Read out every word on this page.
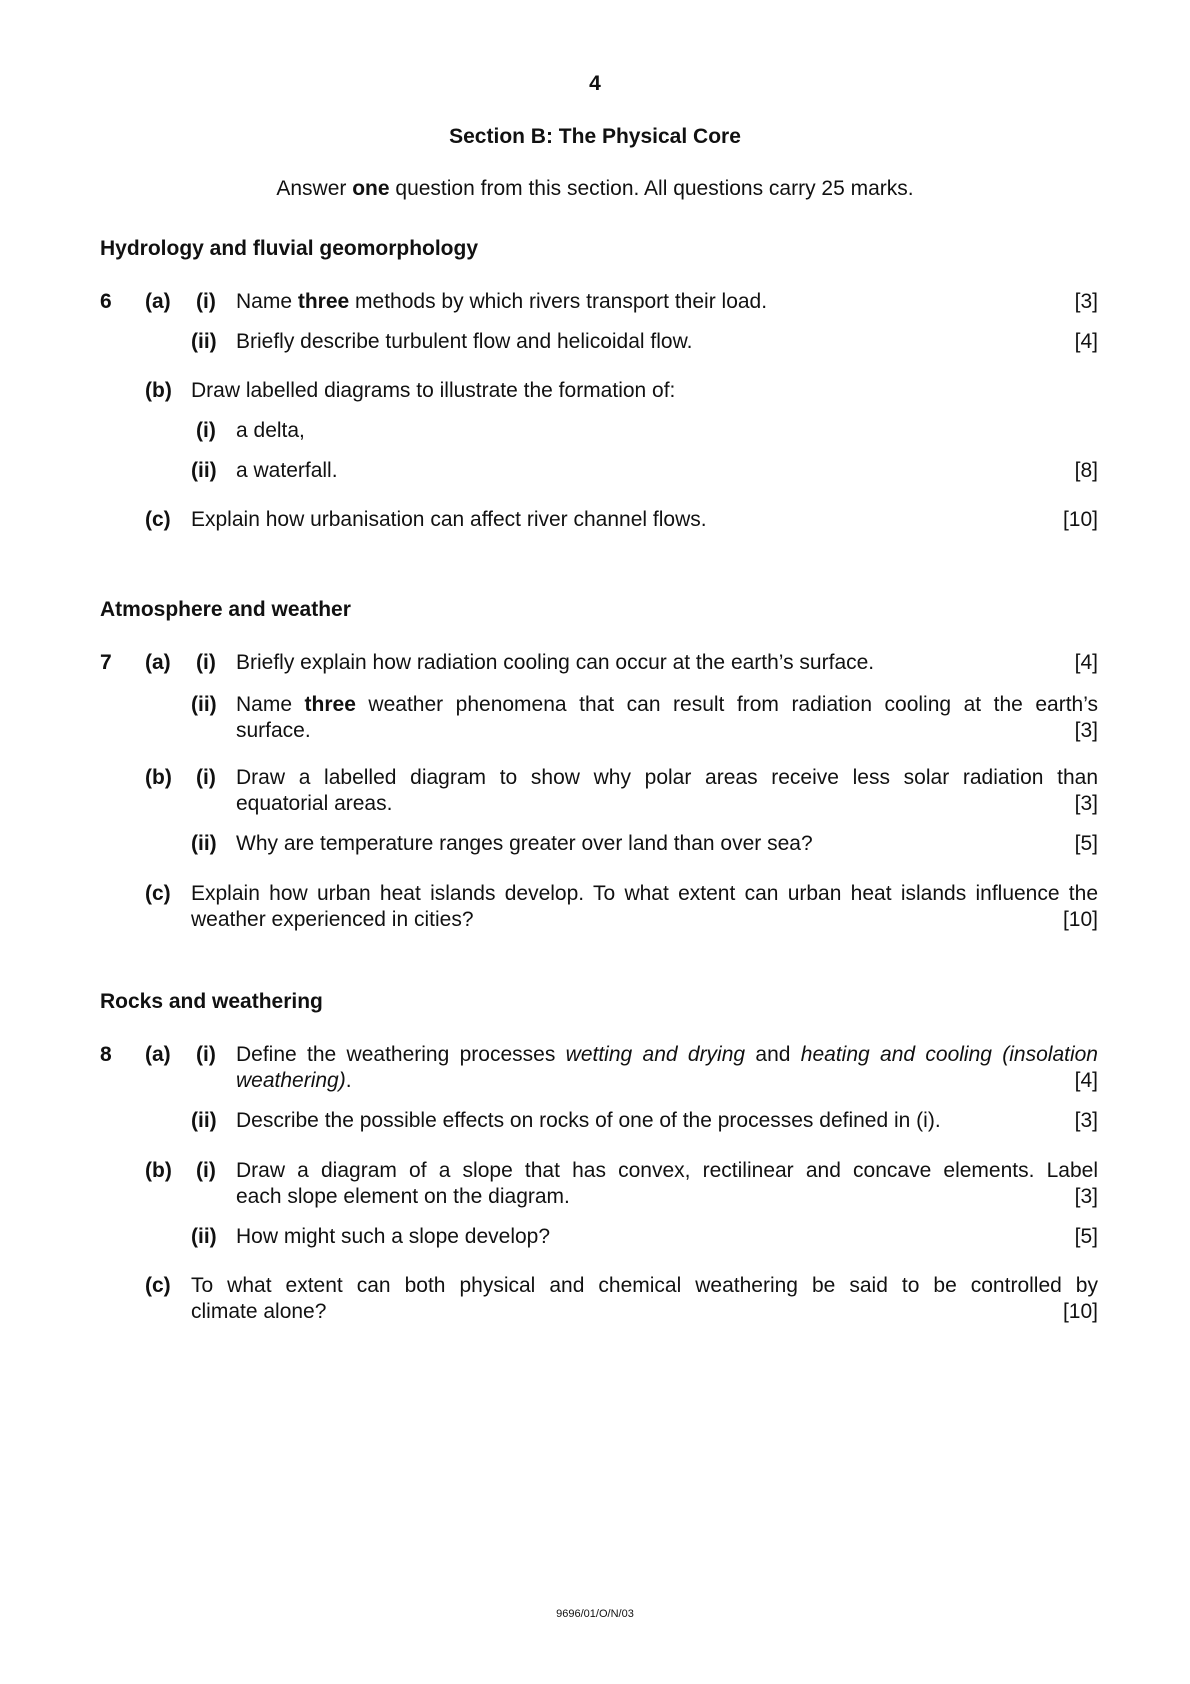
4
Section B: The Physical Core
Answer one question from this section. All questions carry 25 marks.
Hydrology and fluvial geomorphology
6 (a) (i) Name three methods by which rivers transport their load.	[3]
(ii) Briefly describe turbulent flow and helicoidal flow.	[4]
(b) Draw labelled diagrams to illustrate the formation of:
(i) a delta,
(ii) a waterfall.	[8]
(c) Explain how urbanisation can affect river channel flows.	[10]
Atmosphere and weather
7 (a) (i) Briefly explain how radiation cooling can occur at the earth’s surface.	[4]
(ii) Name three weather phenomena that can result from radiation cooling at the earth’s
surface.	[3]
(b) (i) Draw a labelled diagram to show why polar areas receive less solar radiation than
equatorial areas.	[3]
(ii) Why are temperature ranges greater over land than over sea?	[5]
(c) Explain how urban heat islands develop. To what extent can urban heat islands influence the
weather experienced in cities?	[10]
Rocks and weathering
8 (a) (i) Define the weathering processes wetting and drying and heating and cooling (insolation
weathering).	[4]
(ii) Describe the possible effects on rocks of one of the processes defined in (i).	[3]
(b) (i) Draw a diagram of a slope that has convex, rectilinear and concave elements. Label
each slope element on the diagram.	[3]
(ii) How might such a slope develop?	[5]
(c) To what extent can both physical and chemical weathering be said to be controlled by
climate alone?	[10]
9696/01/O/N/03
